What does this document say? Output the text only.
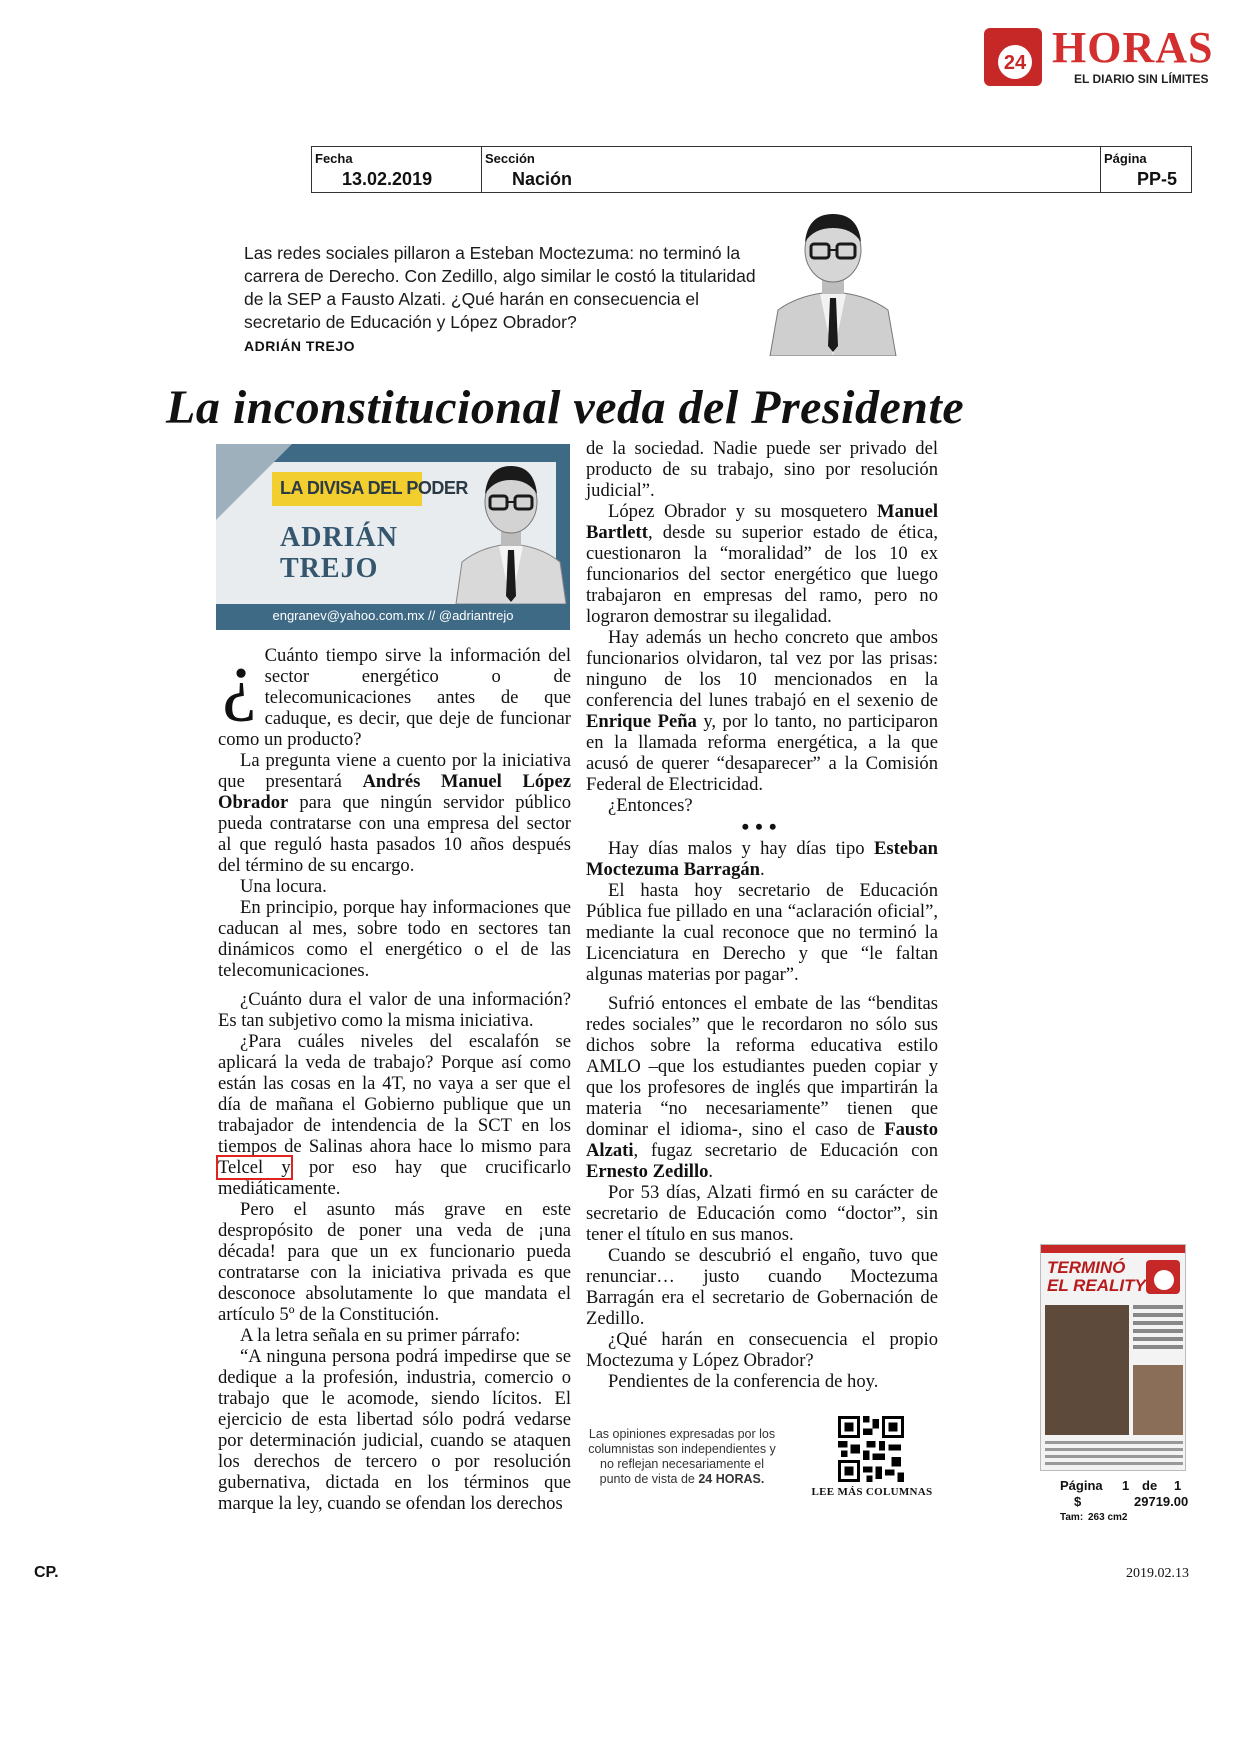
24 HORAS
EL DIARIO SIN LÍMITES
Fecha
13.02.2019
Sección
Nación
Página
PP-5

Las redes sociales pillaron a Esteban Moctezuma: no terminó la carrera de Derecho. Con Zedillo, algo similar le costó la titularidad de la SEP a Fausto Alzati. ¿Qué harán en consecuencia el secretario de Educación y López Obrador?

ADRIÁN TREJO
La inconstitucional veda del Presidente
LA DIVISA DEL PODER
ADRIÁN
TREJO
engranev@yahoo.com.mx // @adriantrejo

¿ Cuánto tiempo sirve la información del sector energético o de telecomunicaciones antes de que caduque, es decir, que deje de funcionar como un producto?

La pregunta viene a cuento por la iniciativa que presentará Andrés Manuel López Obrador para que ningún servidor público pueda contratarse con una empresa del sector al que reguló hasta pasados 10 años después del término de su encargo.

Una locura.

En principio, porque hay informaciones que caducan al mes, sobre todo en sectores tan dinámicos como el energético o el de las telecomunicaciones.

¿Cuánto dura el valor de una información? Es tan subjetivo como la misma iniciativa.

¿Para cuáles niveles del escalafón se aplicará la veda de trabajo? Porque así como están las cosas en la 4T, no vaya a ser que el día de mañana el Gobierno publique que un trabajador de intendencia de la SCT en los tiempos de Salinas ahora hace lo mismo para Telcel y por eso hay que crucificarlo mediáticamente.

Pero el asunto más grave en este despropósito de poner una veda de ¡una década! para que un ex funcionario pueda contratarse con la iniciativa privada es que desconoce absolutamente lo que mandata el artículo 5º de la Constitución.

A la letra señala en su primer párrafo:

“A ninguna persona podrá impedirse que se dedique a la profesión, industria, comercio o trabajo que le acomode, siendo lícitos. El ejercicio de esta libertad sólo podrá vedarse por determinación judicial, cuando se ataquen los derechos de tercero o por resolución gubernativa, dictada en los términos que marque la ley, cuando se ofendan los derechos

de la sociedad. Nadie puede ser privado del producto de su trabajo, sino por resolución judicial”.

López Obrador y su mosquetero Manuel Bartlett, desde su superior estado de ética, cuestionaron la “moralidad” de los 10 ex funcionarios del sector energético que luego trabajaron en empresas del ramo, pero no lograron demostrar su ilegalidad.

Hay además un hecho concreto que ambos funcionarios olvidaron, tal vez por las prisas: ninguno de los 10 mencionados en la conferencia del lunes trabajó en el sexenio de Enrique Peña y, por lo tanto, no participaron en la llamada reforma energética, a la que acusó de querer “desaparecer” a la Comisión Federal de Electricidad.

¿Entonces?

•••

Hay días malos y hay días tipo Esteban Moctezuma Barragán.

El hasta hoy secretario de Educación Pública fue pillado en una “aclaración oficial”, mediante la cual reconoce que no terminó la Licenciatura en Derecho y que “le faltan algunas materias por pagar”.

Sufrió entonces el embate de las “benditas redes sociales” que le recordaron no sólo sus dichos sobre la reforma educativa estilo AMLO –que los estudiantes pueden copiar y que los profesores de inglés que impartirán la materia “no necesariamente” tienen que dominar el idioma-, sino el caso de Fausto Alzati, fugaz secretario de Educación con Ernesto Zedillo.

Por 53 días, Alzati firmó en su carácter de secretario de Educación como “doctor”, sin tener el título en sus manos.

Cuando se descubrió el engaño, tuvo que renunciar… justo cuando Moctezuma Barragán era el secretario de Gobernación de Zedillo.

¿Qué harán en consecuencia el propio Moctezuma y López Obrador?

Pendientes de la conferencia de hoy.

Las opiniones expresadas por los columnistas son independientes y no reflejan necesariamente el punto de vista de 24 HORAS.

LEE MÁS COLUMNAS
TERMINÓ
EL REALITY
Página 1 de 1
$	29719.00
Tam: 263 cm2
CP.	2019.02.13
